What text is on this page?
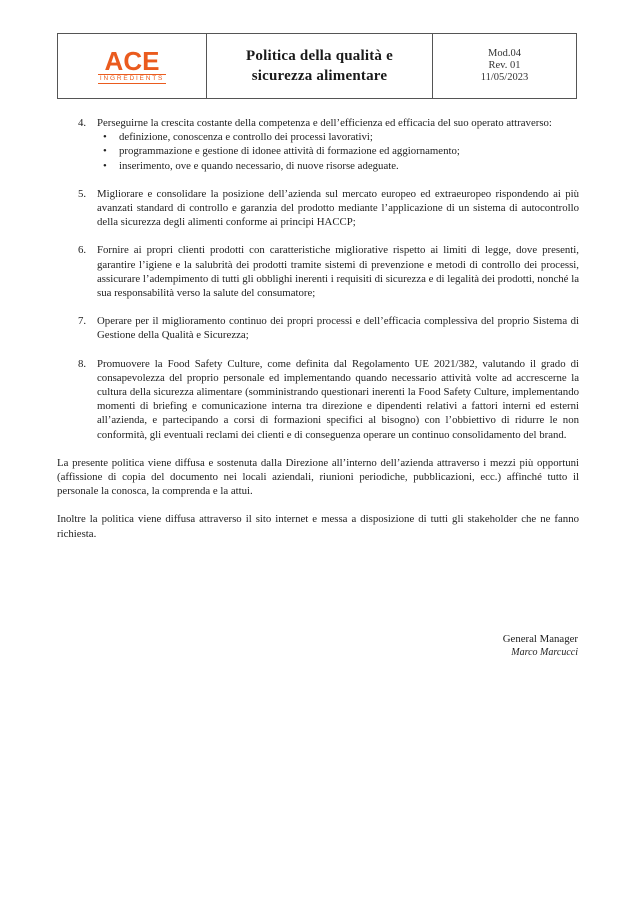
ACE
INGREDIENTS
Politica della qualità e
sicurezza alimentare
Mod.04
Rev. 01
11/05/2023
4.	Perseguirne la crescita costante della competenza e dell’efficienza ed efficacia del suo operato attraverso:
•	definizione, conoscenza e controllo dei processi lavorativi;
•	programmazione e gestione di idonee attività di formazione ed aggiornamento;
•	inserimento, ove e quando necessario, di nuove risorse adeguate.
5.	Migliorare e consolidare la posizione dell’azienda sul mercato europeo ed extraeuropeo rispondendo ai più avanzati standard di controllo e garanzia del prodotto mediante l’applicazione di un sistema di autocontrollo della sicurezza degli alimenti conforme ai principi HACCP;
6.	Fornire ai propri clienti prodotti con caratteristiche migliorative rispetto ai limiti di legge, dove presenti, garantire l’igiene e la salubrità dei prodotti tramite sistemi di prevenzione e metodi di controllo dei processi, assicurare l’adempimento di tutti gli obblighi inerenti i requisiti di sicurezza e di legalità dei prodotti, nonché la sua responsabilità verso la salute del consumatore;
7.	Operare per il miglioramento continuo dei propri processi e dell’efficacia complessiva del proprio Sistema di Gestione della Qualità e Sicurezza;
8.	Promuovere la Food Safety Culture, come definita dal Regolamento UE 2021/382, valutando il grado di consapevolezza del proprio personale ed implementando quando necessario attività volte ad accrescerne la cultura della sicurezza alimentare (somministrando questionari inerenti la Food Safety Culture, implementando momenti di briefing e comunicazione interna tra direzione e dipendenti relativi a fattori interni ed esterni all’azienda, e partecipando a corsi di formazioni specifici al bisogno) con l’obbiettivo di ridurre le non conformità, gli eventuali reclami dei clienti e di conseguenza operare un continuo consolidamento del brand.
La presente politica viene diffusa e sostenuta dalla Direzione all’interno dell’azienda attraverso i mezzi più opportuni (affissione di copia del documento nei locali aziendali, riunioni periodiche, pubblicazioni, ecc.) affinché tutto il personale la conosca, la comprenda e la attui.
Inoltre la politica viene diffusa attraverso il sito internet e messa a disposizione di tutti gli stakeholder che ne fanno richiesta.
General Manager
Marco Marcucci
